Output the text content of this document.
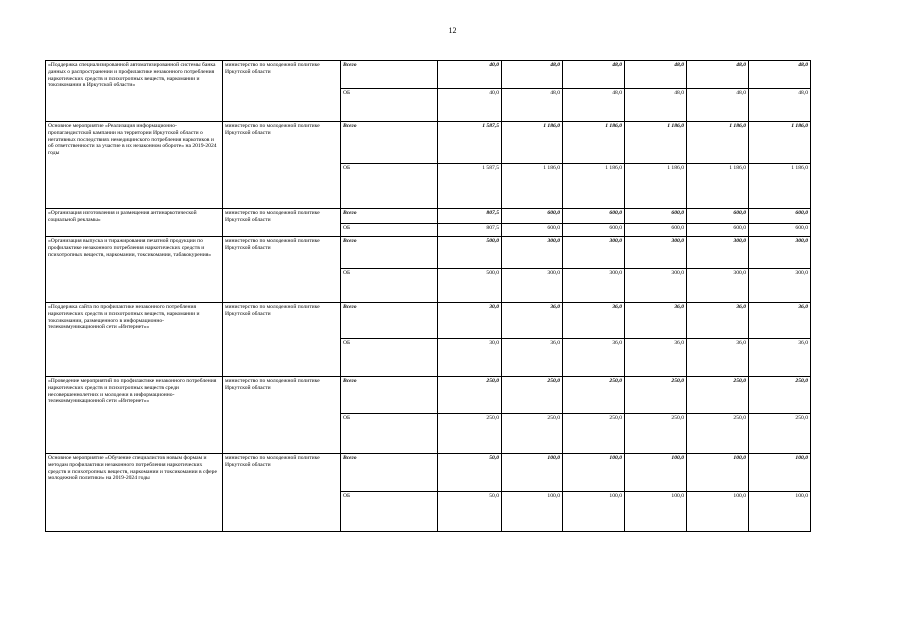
12
«Поддержка специализированной автоматизированной системы банка данных о распространении и профилактике незаконного потребления наркотических средств и психотропных веществ, наркомании и токсикомании в Иркутской области»	министерство по молодежной политике Иркутской области	Всего	40,0	48,0	48,0	48,0	48,0	48,0
		ОБ	40,0	48,0	48,0	48,0	48,0	48,0
Основное мероприятие «Реализация информационно-пропагандистской кампании на территории Иркутской области о негативных последствиях немедицинского потребления наркотиков и об ответственности за участие в их незаконном обороте» на 2019-2024 годы	министерство по молодежной политике Иркутской области	Всего	1 587,5	1 186,0	1 186,0	1 186,0	1 186,0	1 186,0
		ОБ	1 587,5	1 186,0	1 186,0	1 186,0	1 186,0	1 186,0
«Организация изготовления и размещения антинаркотической социальной рекламы»	министерство по молодежной политике Иркутской области	Всего	807,5	600,0	600,0	600,0	600,0	600,0
		ОБ	807,5	600,0	600,0	600,0	600,0	600,0
«Организация выпуска и тиражирования печатной продукции по профилактике незаконного потребления наркотических средств и психотропных веществ, наркомании, токсикомании, табакокурения»	министерство по молодежной политике Иркутской области	Всего	500,0	300,0	300,0	300,0	300,0	300,0
		ОБ	500,0	300,0	300,0	300,0	300,0	300,0
«Поддержка сайта по профилактике незаконного потребления наркотических средств и психотропных веществ, наркомании и токсикомании, размещенного в информационно-телекоммуникационной сети «Интернет»»	министерство по молодежной политике Иркутской области	Всего	30,0	36,0	36,0	36,0	36,0	36,0
		ОБ	30,0	36,0	36,0	36,0	36,0	36,0
«Проведение мероприятий по профилактике незаконного потребления наркотических средств и психотропных веществ среди несовершеннолетних и молодежи в информационно-телекоммуникационной сети «Интернет»»	министерство по молодежной политике Иркутской области	Всего	250,0	250,0	250,0	250,0	250,0	250,0
		ОБ	250,0	250,0	250,0	250,0	250,0	250,0
Основное мероприятие «Обучение специалистов новым формам и методам профилактики незаконного потребления наркотических средств и психотропных веществ, наркомании и токсикомании в сфере молодежной политики» на 2019-2024 годы	министерство по молодежной политике Иркутской области	Всего	50,0	100,0	100,0	100,0	100,0	100,0
		ОБ	50,0	100,0	100,0	100,0	100,0	100,0
